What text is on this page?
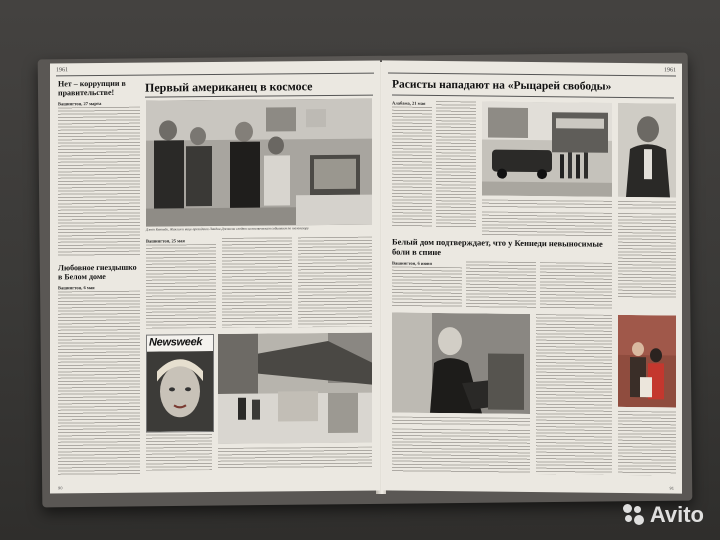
1961
Нет – коррупции в правительстве!
Вашингтон, 27 марта
Любовное гнездышко в Белом доме
Вашингтон, 6 мая
Первый американец в космосе
Джон Кеннеди, Жаклин и вице-президент Линдон Джонсон следят за космическим событием по телевизору
Вашингтон, 25 мая
Newsweek
90
1961
Расисты нападают на «Рыцарей свободы»
Алабама, 21 мая
Белый дом подтверждает, что у Кеннеди невыносимые боли в спине
Вашингтон, 6 июня
91
Avito
